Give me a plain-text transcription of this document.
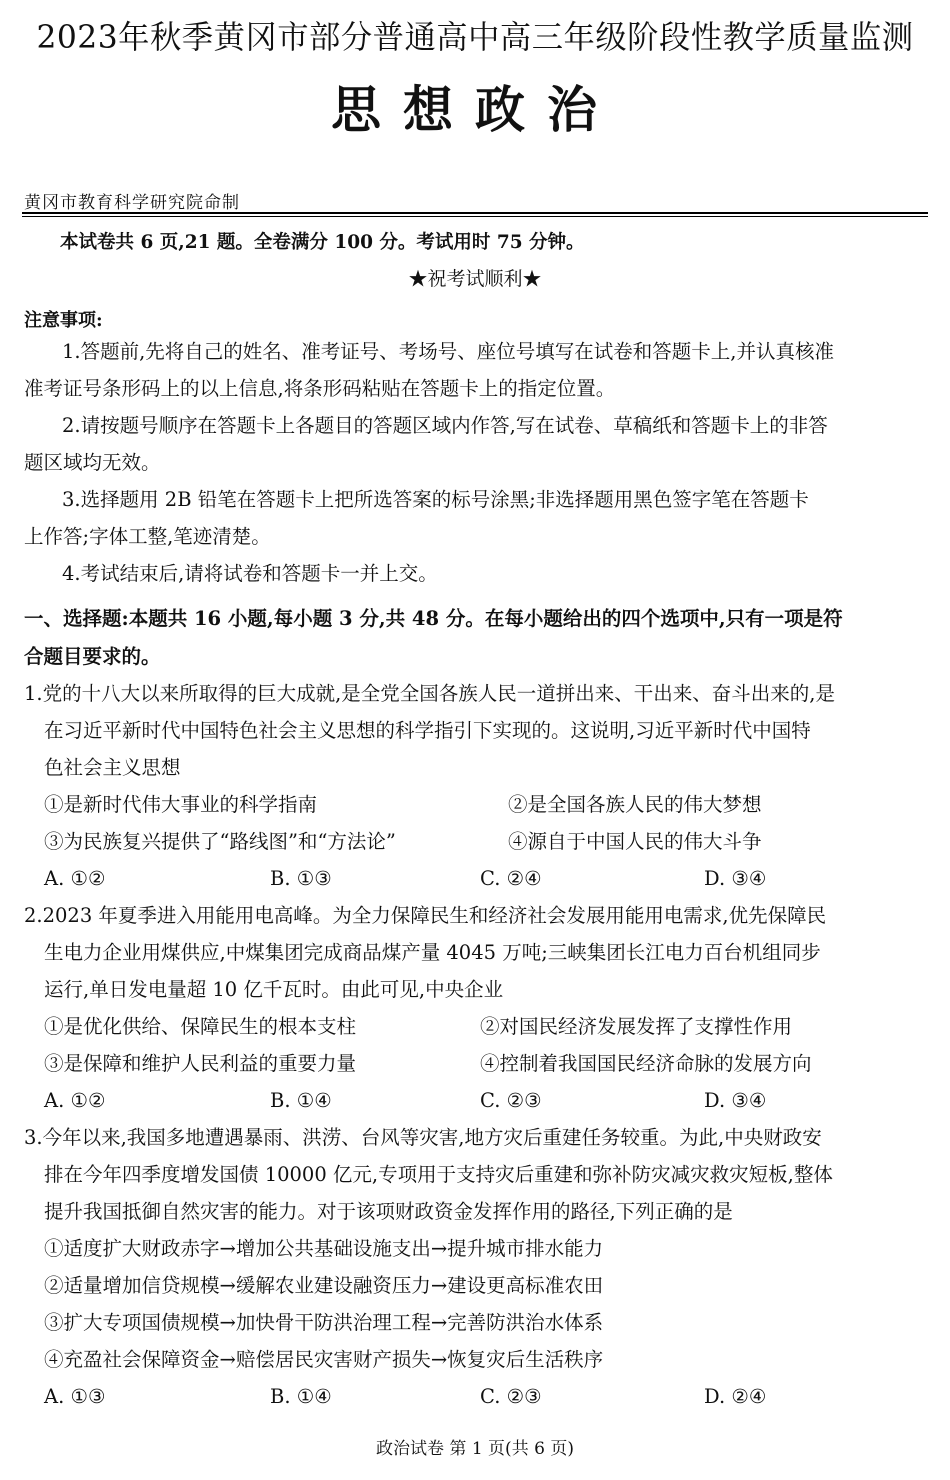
2023年秋季黄冈市部分普通高中高三年级阶段性教学质量监测
思想政治
黄冈市教育科学研究院命制
本试卷共 6 页,21 题。全卷满分 100 分。考试用时 75 分钟。
★祝考试顺利★
注意事项:
1.答题前,先将自己的姓名、准考证号、考场号、座位号填写在试卷和答题卡上,并认真核准
准考证号条形码上的以上信息,将条形码粘贴在答题卡上的指定位置。
2.请按题号顺序在答题卡上各题目的答题区域内作答,写在试卷、草稿纸和答题卡上的非答
题区域均无效。
3.选择题用 2B 铅笔在答题卡上把所选答案的标号涂黑;非选择题用黑色签字笔在答题卡
上作答;字体工整,笔迹清楚。
4.考试结束后,请将试卷和答题卡一并上交。
一、选择题:本题共 16 小题,每小题 3 分,共 48 分。在每小题给出的四个选项中,只有一项是符
合题目要求的。
1.党的十八大以来所取得的巨大成就,是全党全国各族人民一道拼出来、干出来、奋斗出来的,是
在习近平新时代中国特色社会主义思想的科学指引下实现的。这说明,习近平新时代中国特
色社会主义思想
①是新时代伟大事业的科学指南	②是全国各族人民的伟大梦想
③为民族复兴提供了“路线图”和“方法论”	④源自于中国人民的伟大斗争
A. ①②	B. ①③	C. ②④	D. ③④
2.2023 年夏季进入用能用电高峰。为全力保障民生和经济社会发展用能用电需求,优先保障民
生电力企业用煤供应,中煤集团完成商品煤产量 4045 万吨;三峡集团长江电力百台机组同步
运行,单日发电量超 10 亿千瓦时。由此可见,中央企业
①是优化供给、保障民生的根本支柱	②对国民经济发展发挥了支撑性作用
③是保障和维护人民利益的重要力量	④控制着我国国民经济命脉的发展方向
A. ①②	B. ①④	C. ②③	D. ③④
3.今年以来,我国多地遭遇暴雨、洪涝、台风等灾害,地方灾后重建任务较重。为此,中央财政安
排在今年四季度增发国债 10000 亿元,专项用于支持灾后重建和弥补防灾减灾救灾短板,整体
提升我国抵御自然灾害的能力。对于该项财政资金发挥作用的路径,下列正确的是
①适度扩大财政赤字→增加公共基础设施支出→提升城市排水能力
②适量增加信贷规模→缓解农业建设融资压力→建设更高标准农田
③扩大专项国债规模→加快骨干防洪治理工程→完善防洪治水体系
④充盈社会保障资金→赔偿居民灾害财产损失→恢复灾后生活秩序
A. ①③	B. ①④	C. ②③	D. ②④
政治试卷 第 1 页(共 6 页)
